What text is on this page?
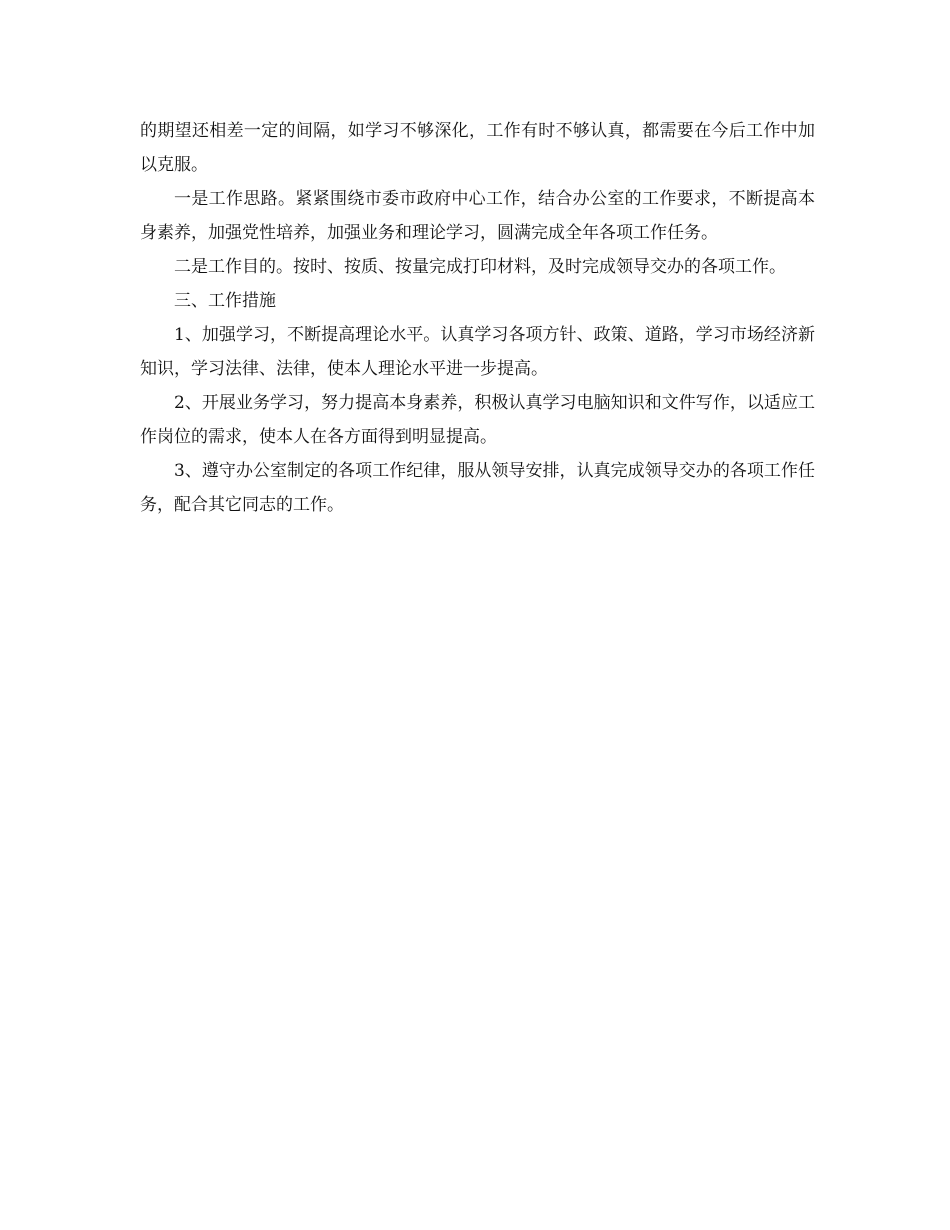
的期望还相差一定的间隔，如学习不够深化，工作有时不够认真，都需要在今后工作中加以克服。

一是工作思路。紧紧围绕市委市政府中心工作，结合办公室的工作要求，不断提高本身素养，加强党性培养，加强业务和理论学习，圆满完成全年各项工作任务。

二是工作目的。按时、按质、按量完成打印材料，及时完成领导交办的各项工作。

三、工作措施

1、加强学习，不断提高理论水平。认真学习各项方针、政策、道路，学习市场经济新知识，学习法律、法律，使本人理论水平进一步提高。

2、开展业务学习，努力提高本身素养，积极认真学习电脑知识和文件写作，以适应工作岗位的需求，使本人在各方面得到明显提高。

3、遵守办公室制定的各项工作纪律，服从领导安排，认真完成领导交办的各项工作任务，配合其它同志的工作。
